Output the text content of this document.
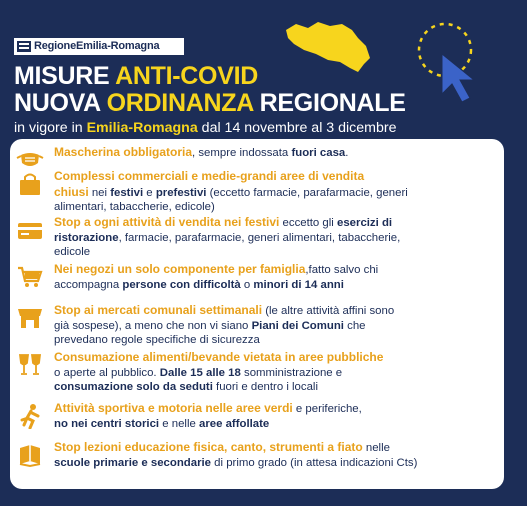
RegioneEmilia-Romagna
MISURE ANTI-COVID
NUOVA ORDINANZA REGIONALE
in vigore in Emilia-Romagna dal 14 novembre al 3 dicembre
Mascherina obbligatoria, sempre indossata fuori casa.
Complessi commerciali e medie-grandi aree di vendita
chiusi nei festivi e prefestivi (eccetto farmacie, parafarmacie, generi
alimentari, tabaccherie, edicole)
Stop a ogni attività di vendita nei festivi eccetto gli esercizi di
ristorazione, farmacie, parafarmacie, generi alimentari, tabaccherie,
edicole
Nei negozi un solo componente per famiglia,fatto salvo chi
accompagna persone con difficoltà o minori di 14 anni
Stop ai mercati comunali settimanali (le altre attività affini sono
già sospese), a meno che non vi siano Piani dei Comuni che
prevedano regole specifiche di sicurezza
Consumazione alimenti/bevande vietata in aree pubbliche
o aperte al pubblico. Dalle 15 alle 18 somministrazione e
consumazione solo da seduti fuori e dentro i locali
Attività sportiva e motoria nelle aree verdi e periferiche,
no nei centri storici e nelle aree affollate
Stop lezioni educazione fisica, canto, strumenti a fiato nelle
scuole primarie e secondarie di primo grado (in attesa indicazioni Cts)
